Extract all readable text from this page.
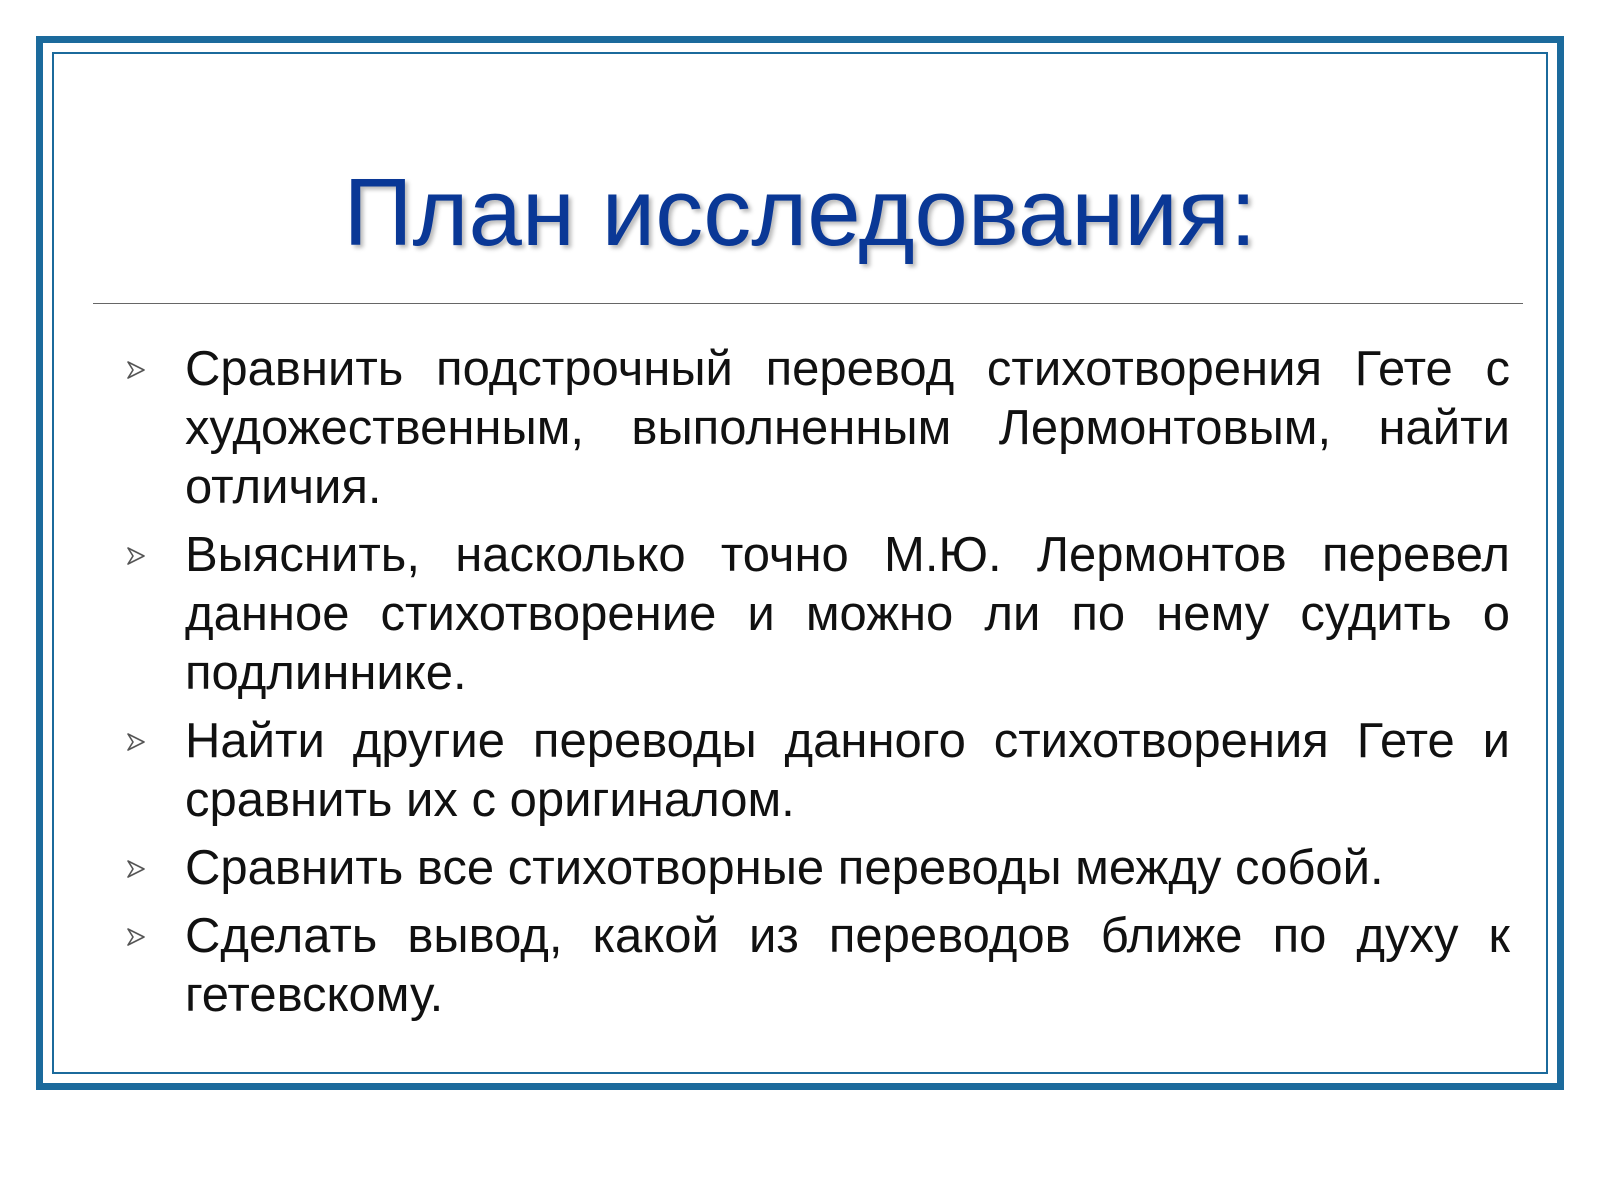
План исследования:
Сравнить подстрочный перевод стихотворения Гете с художественным, выполненным Лермонтовым, найти отличия.
Выяснить, насколько точно М.Ю. Лермонтов перевел данное стихотворение и можно ли по нему судить о подлиннике.
Найти другие переводы данного стихотворения Гете и сравнить их с оригиналом.
Сравнить все стихотворные переводы между собой.
Сделать вывод, какой из переводов ближе по духу к гетевскому.
